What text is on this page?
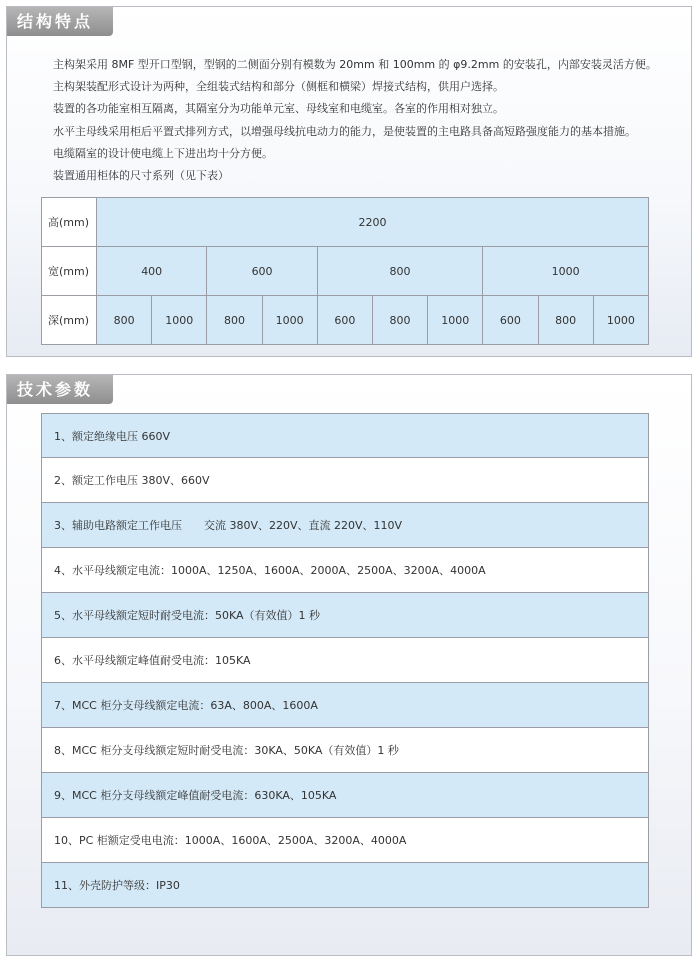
结构特点
主构架采用 8MF 型开口型钢，型钢的二侧面分别有模数为 20mm 和 100mm 的 φ9.2mm 的安装孔，内部安装灵活方便。
主构架装配形式设计为两种，全组装式结构和部分（侧框和横梁）焊接式结构，供用户选择。
装置的各功能室相互隔离，其隔室分为功能单元室、母线室和电缆室。各室的作用相对独立。
水平主母线采用柜后平置式排列方式，以增强母线抗电动力的能力，是使装置的主电路具备高短路强度能力的基本措施。
电缆隔室的设计使电缆上下进出均十分方便。
装置通用柜体的尺寸系列（见下表）
高(mm)	2200									
宽(mm)	400		600		800			1000		
深(mm)	800	1000	800	1000	600	800	1000	600	800	1000
技术参数
1、额定绝缘电压 660V
2、额定工作电压 380V、660V
3、辅助电路额定工作电压　　交流 380V、220V、直流 220V、110V
4、水平母线额定电流：1000A、1250A、1600A、2000A、2500A、3200A、4000A
5、水平母线额定短时耐受电流：50KA（有效值）1 秒
6、水平母线额定峰值耐受电流：105KA
7、MCC 柜分支母线额定电流：63A、800A、1600A
8、MCC 柜分支母线额定短时耐受电流：30KA、50KA（有效值）1 秒
9、MCC 柜分支母线额定峰值耐受电流：630KA、105KA
10、PC 柜额定受电电流：1000A、1600A、2500A、3200A、4000A
11、外壳防护等级：IP30
